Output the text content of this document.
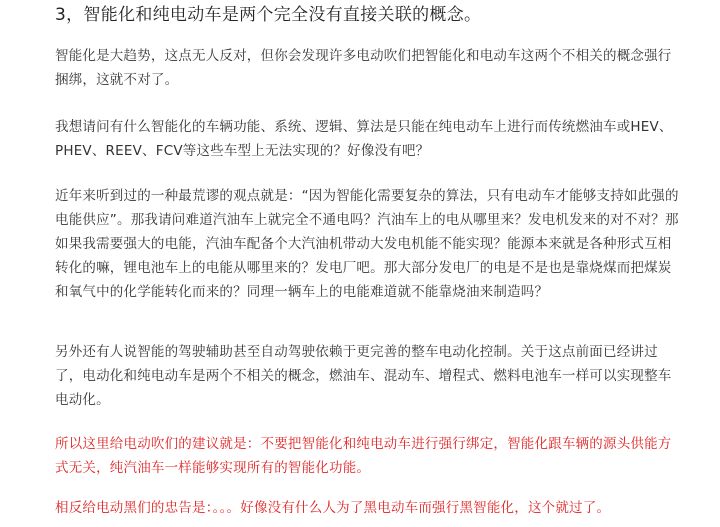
3，智能化和纯电动车是两个完全没有直接关联的概念。

智能化是大趋势，这点无人反对，但你会发现许多电动吹们把智能化和电动车这两个不相关的概念强行捆绑，这就不对了。

我想请问有什么智能化的车辆功能、系统、逻辑、算法是只能在纯电动车上进行而传统燃油车或HEV、PHEV、REEV、FCV等这些车型上无法实现的？好像没有吧？

近年来听到过的一种最荒谬的观点就是：“因为智能化需要复杂的算法，只有电动车才能够支持如此强的电能供应”。那我请问难道汽油车上就完全不通电吗？汽油车上的电从哪里来？发电机发来的对不对？那如果我需要强大的电能，汽油车配备个大汽油机带动大发电机能不能实现？能源本来就是各种形式互相转化的嘛，锂电池车上的电能从哪里来的？发电厂吧。那大部分发电厂的电是不是也是靠烧煤而把煤炭和氧气中的化学能转化而来的？同理一辆车上的电能难道就不能靠烧油来制造吗？

另外还有人说智能的驾驶辅助甚至自动驾驶依赖于更完善的整车电动化控制。关于这点前面已经讲过了，电动化和纯电动车是两个不相关的概念，燃油车、混动车、增程式、燃料电池车一样可以实现整车电动化。

所以这里给电动吹们的建议就是：不要把智能化和纯电动车进行强行绑定，智能化跟车辆的源头供能方式无关，纯汽油车一样能够实现所有的智能化功能。

相反给电动黑们的忠告是：。。。好像没有什么人为了黑电动车而强行黑智能化，这个就过了。
